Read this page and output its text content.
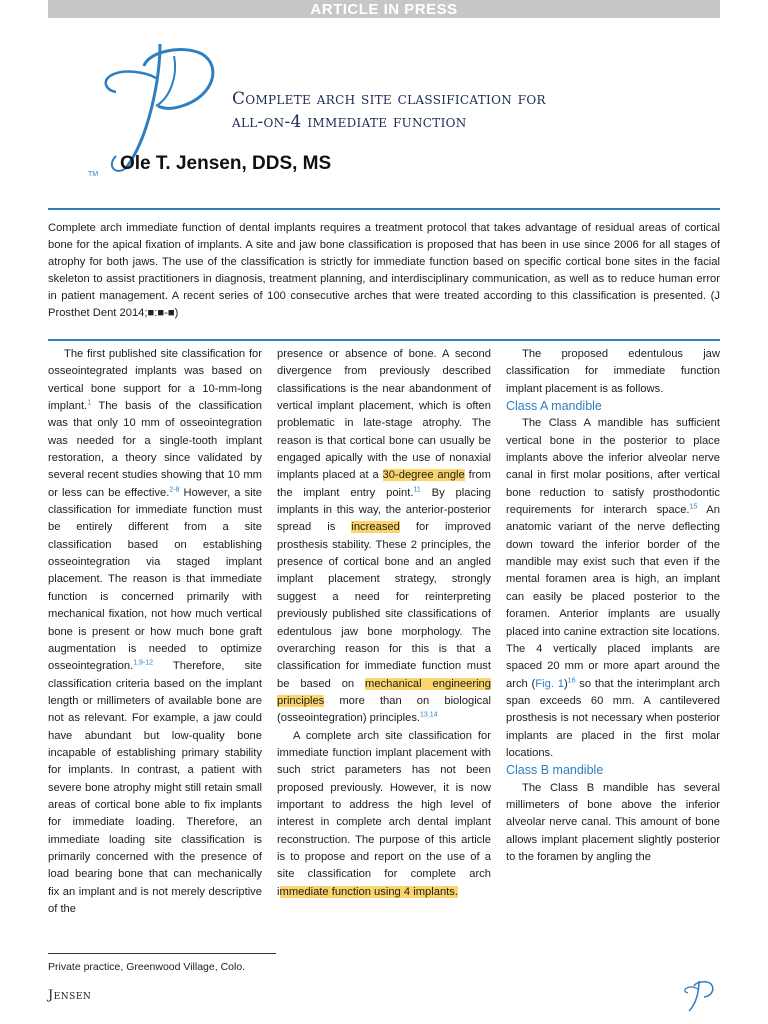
ARTICLE IN PRESS
TM
Complete arch site classification for
all-on-4 immediate function
Ole T. Jensen, DDS, MS

Complete arch immediate function of dental implants requires a treatment protocol that takes advantage of residual areas of cortical bone for the apical fixation of implants. A site and jaw bone classification is proposed that has been in use since 2006 for all stages of atrophy for both jaws. The use of the classification is strictly for immediate function based on specific cortical bone sites in the facial skeleton to assist practitioners in diagnosis, treatment planning, and interdisciplinary communication, as well as to reduce human error in patient management. A recent series of 100 consecutive arches that were treated according to this classification is presented. (J Prosthet Dent 2014;■:■-■)

The first published site classification for osseointegrated implants was based on vertical bone support for a 10-mm-long implant.$^1$ The basis of the classification was that only 10 mm of osseointegration was needed for a single-tooth implant restoration, a theory since validated by several recent studies showing that 10 mm or less can be effective.$^{2-8}$ However, a site classification for immediate function must be entirely different from a site classification based on establishing osseointegration via staged implant placement. The reason is that immediate function is concerned primarily with mechanical fixation, not how much vertical bone is present or how much bone graft augmentation is needed to optimize osseointegration.$^{1,9-12}$ Therefore, site classification criteria based on the implant length or millimeters of available bone are not as relevant. For example, a jaw could have abundant but low-quality bone incapable of establishing primary stability for implants. In contrast, a patient with severe bone atrophy might still retain small areas of cortical bone able to fix implants for immediate loading. Therefore, an immediate loading site classification is primarily concerned with the presence of load bearing bone that can mechanically fix an implant and is not merely descriptive of the

presence or absence of bone. A second divergence from previously described classifications is the near abandonment of vertical implant placement, which is often problematic in late-stage atrophy. The reason is that cortical bone can usually be engaged apically with the use of nonaxial implants placed at a 30-degree angle from the implant entry point.$^{11}$ By placing implants in this way, the anterior-posterior spread is increased for improved prosthesis stability. These 2 principles, the presence of cortical bone and an angled implant placement strategy, strongly suggest a need for reinterpreting previously published site classifications of edentulous jaw bone morphology. The overarching reason for this is that a classification for immediate function must be based on mechanical engineering principles more than on biological (osseointegration) principles.$^{13,14}$

A complete arch site classification for immediate function implant placement with such strict parameters has not been proposed previously. However, it is now important to address the high level of interest in complete arch dental implant reconstruction. The purpose of this article is to propose and report on the use of a site classification for complete arch immediate function using 4 implants.

The proposed edentulous jaw classification for immediate function implant placement is as follows.

Class A mandible

The Class A mandible has sufficient vertical bone in the posterior to place implants above the inferior alveolar nerve canal in first molar positions, after vertical bone reduction to satisfy prosthodontic requirements for interarch space.$^{15}$ An anatomic variant of the nerve deflecting down toward the inferior border of the mandible may exist such that even if the mental foramen area is high, an implant can easily be placed posterior to the foramen. Anterior implants are usually placed into canine extraction site locations. The 4 vertically placed implants are spaced 20 mm or more apart around the arch (Fig. 1)$^{16}$ so that the interimplant arch span exceeds 60 mm. A cantilevered prosthesis is not necessary when posterior implants are placed in the first molar locations.

Class B mandible

The Class B mandible has several millimeters of bone above the inferior alveolar nerve canal. This amount of bone allows implant placement slightly posterior to the foramen by angling the

Private practice, Greenwood Village, Colo.
Jensen
